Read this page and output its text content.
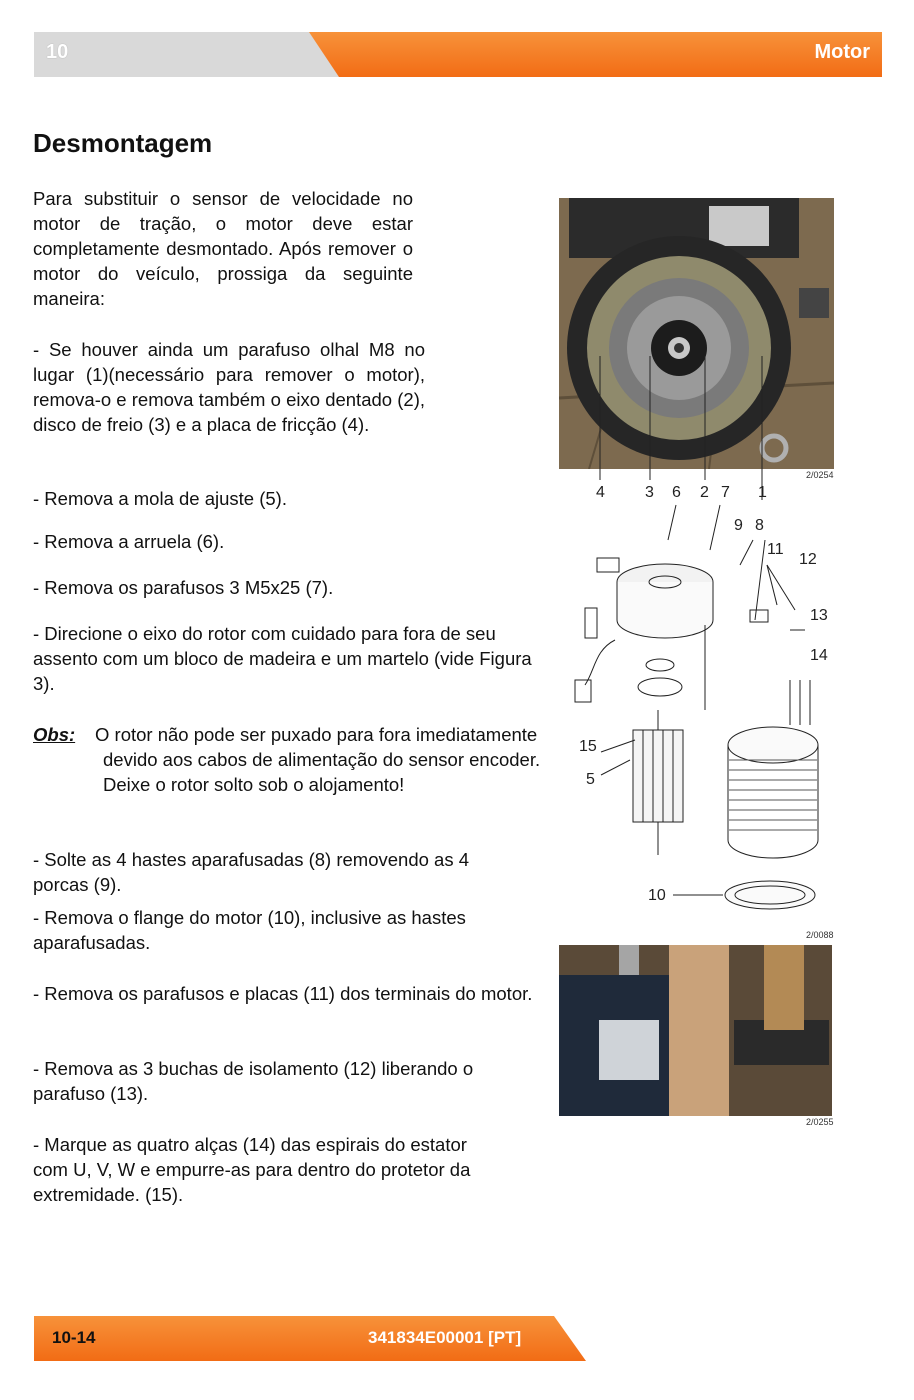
10	Motor
Desmontagem

Para substituir o sensor de velocidade no motor de tração, o motor deve estar completamente desmontado. Após remover o motor do veículo, prossiga da seguinte maneira:

- Se houver ainda um parafuso olhal M8 no lugar (1)(necessário para remover o motor), remova-o e remova também o eixo dentado (2), disco de freio (3) e a placa de fricção (4).

- Remova a mola de ajuste (5).

- Remova a arruela (6).

- Remova os parafusos 3 M5x25 (7).

- Direcione o eixo do rotor com cuidado para fora de seu assento com um bloco de madeira e um martelo (vide Figura 3).

Obs: O rotor não pode ser puxado para fora imediatamente devido aos cabos de alimentação do sensor encoder. Deixe o rotor solto sob o alojamento!

- Solte as 4 hastes aparafusadas (8) removendo as 4 porcas (9).

- Remova o flange do motor (10), inclusive as hastes aparafusadas.

- Remova os parafusos e placas (11) dos terminais do motor.

- Remova as 3 buchas de isolamento (12) liberando o parafuso (13).

- Marque as quatro alças (14) das espirais do estator com U, V, W e empurre-as para dentro do protetor da extremidade. (15).

2/0254
4	3 6 2 7 1
9 8
11
12
13
14
15
5
10
2/0088
2/0255
10-14	341834E00001 [PT]
